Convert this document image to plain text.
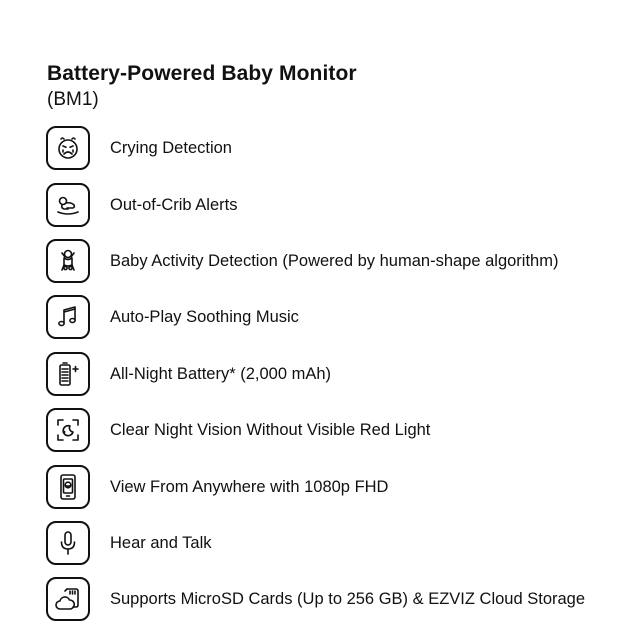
Battery-Powered Baby Monitor
(BM1)
Crying Detection
Out-of-Crib Alerts
Baby Activity Detection (Powered by human-shape algorithm)
Auto-Play Soothing Music
All-Night Battery* (2,000 mAh)
Clear Night Vision Without Visible Red Light
View From Anywhere with 1080p FHD
Hear and Talk
Supports MicroSD Cards (Up to 256 GB) & EZVIZ Cloud Storage
